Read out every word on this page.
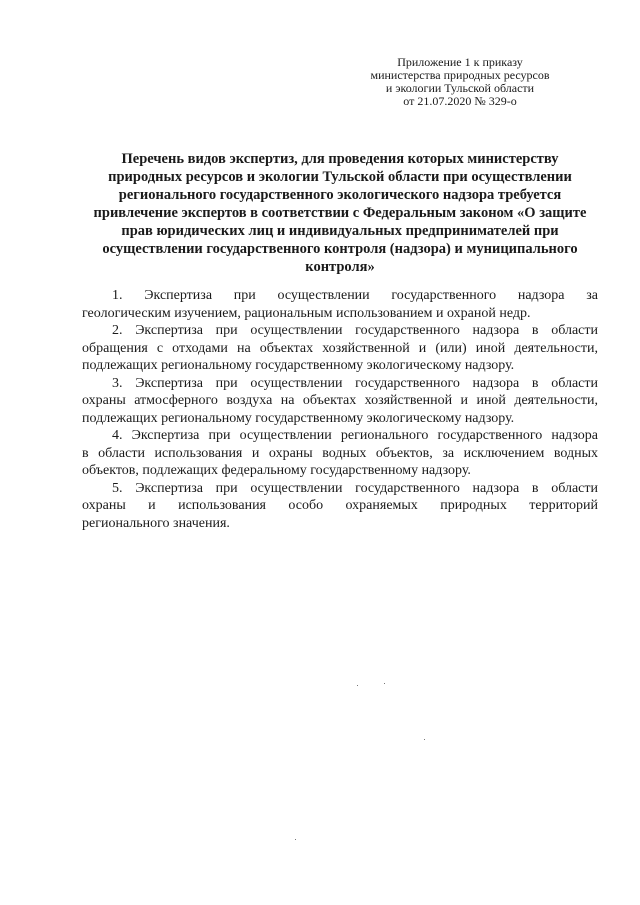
Приложение 1 к приказу
министерства природных ресурсов
и экологии Тульской области
от 21.07.2020 № 329-о
Перечень видов экспертиз, для проведения которых министерству
природных ресурсов и экологии Тульской области при осуществлении
регионального государственного экологического надзора требуется
привлечение экспертов в соответствии с Федеральным законом «О защите
прав юридических лиц и индивидуальных предпринимателей при
осуществлении государственного контроля (надзора) и муниципального
контроля»
1. Экспертиза при осуществлении государственного надзора за
геологическим изучением, рациональным использованием и охраной недр.
2. Экспертиза при осуществлении государственного надзора в области
обращения с отходами на объектах хозяйственной и (или) иной деятельности,
подлежащих региональному государственному экологическому надзору.
3. Экспертиза при осуществлении государственного надзора в области
охраны атмосферного воздуха на объектах хозяйственной и иной деятельности,
подлежащих региональному государственному экологическому надзору.
4. Экспертиза при осуществлении регионального государственного надзора
в области использования и охраны водных объектов, за исключением водных
объектов, подлежащих федеральному государственному надзору.
5. Экспертиза при осуществлении государственного надзора в области
охраны и использования особо охраняемых природных территорий
регионального значения.
